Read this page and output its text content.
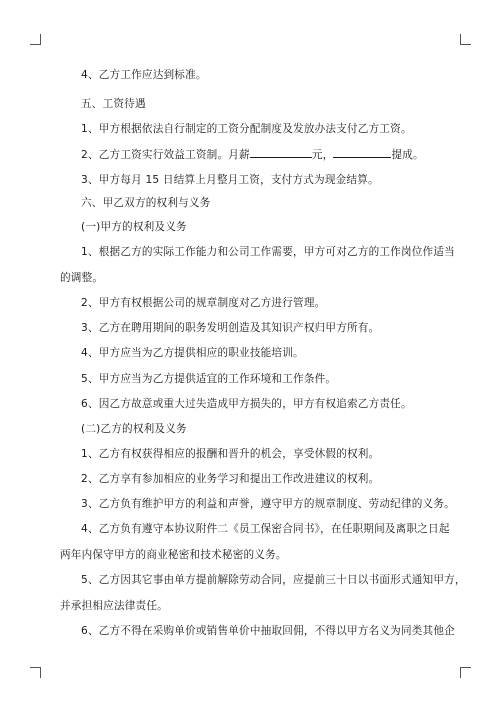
4、乙方工作应达到标准。
五、工资待遇
1、甲方根据依法自行制定的工资分配制度及发放办法支付乙方工资。
2、乙方工资实行效益工资制。月薪	元，	提成。
3、甲方每月 15 日结算上月整月工资，支付方式为现金结算。
六、甲乙双方的权利与义务
(一)甲方的权利及义务
1、根据乙方的实际工作能力和公司工作需要，甲方可对乙方的工作岗位作适当
的调整。
2、甲方有权根据公司的规章制度对乙方进行管理。
3、乙方在聘用期间的职务发明创造及其知识产权归甲方所有。
4、甲方应当为乙方提供相应的职业技能培训。
5、甲方应当为乙方提供适宜的工作环境和工作条件。
6、因乙方故意或重大过失造成甲方损失的，甲方有权追索乙方责任。
(二)乙方的权利及义务
1、乙方有权获得相应的报酬和晋升的机会，享受休假的权利。
2、乙方享有参加相应的业务学习和提出工作改进建议的权利。
3、乙方负有维护甲方的利益和声誉，遵守甲方的规章制度、劳动纪律的义务。
4、乙方负有遵守本协议附件二《员工保密合同书》，在任职期间及离职之日起
两年内保守甲方的商业秘密和技术秘密的义务。
5、乙方因其它事由单方提前解除劳动合同，应提前三十日以书面形式通知甲方，
并承担相应法律责任。
6、乙方不得在采购单价或销售单价中抽取回佣，不得以甲方名义为同类其他企
